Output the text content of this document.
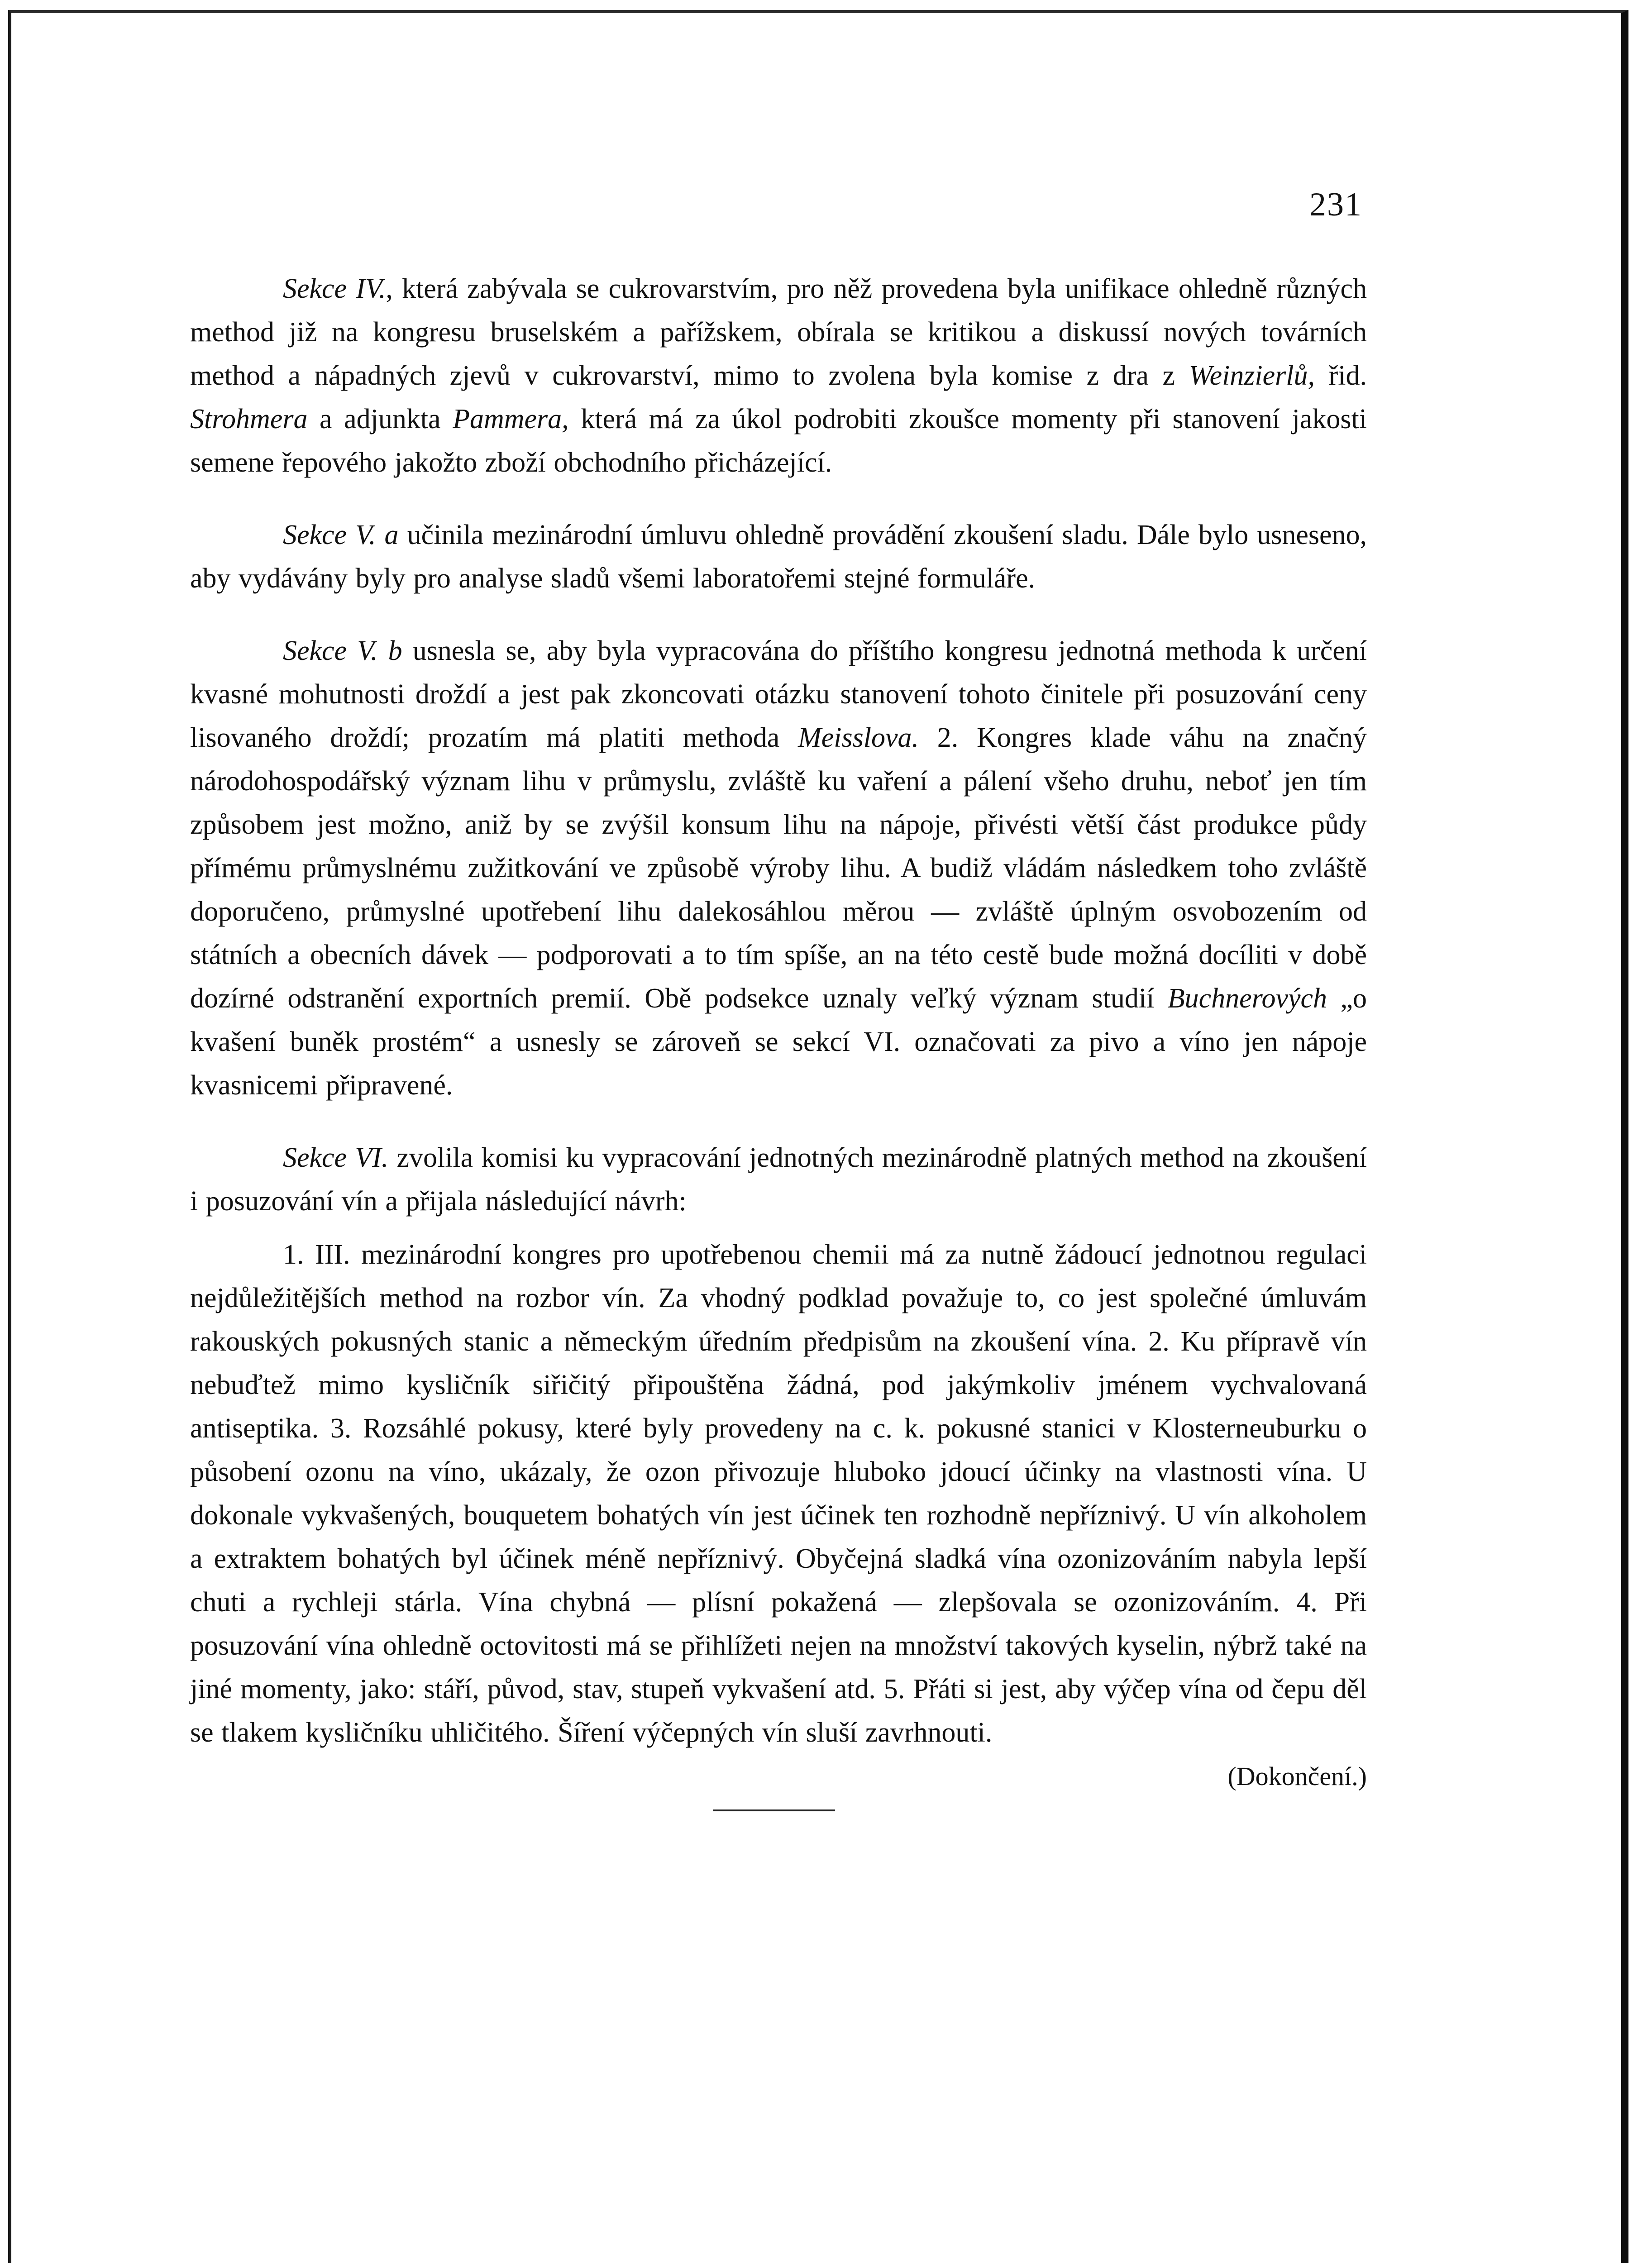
231

Sekce IV., která zabývala se cukrovarstvím, pro něž provedena byla unifikace ohledně různých method již na kongresu bruselském a pařížskem, obírala se kritikou a diskussí nových továrních method a nápadných zjevů v cukrovarství, mimo to zvolena byla komise z dra z Weinzierlů, řid. Strohmera a adjunkta Pammera, která má za úkol podrobiti zkoušce momenty při stanovení jakosti semene řepového jakožto zboží obchodního přicházející.

Sekce V. a učinila mezinárodní úmluvu ohledně provádění zkoušení sladu. Dále bylo usneseno, aby vydávány byly pro analyse sladů všemi laboratořemi stejné formuláře.

Sekce V. b usnesla se, aby byla vypracována do příštího kongresu jednotná methoda k určení kvasné mohutnosti droždí a jest pak zkoncovati otázku stanovení tohoto činitele při posuzování ceny lisovaného droždí; prozatím má platiti methoda Meisslova. 2. Kongres klade váhu na značný národohospodářský význam lihu v průmyslu, zvláště ku vaření a pálení všeho druhu, neboť jen tím způsobem jest možno, aniž by se zvýšil konsum lihu na nápoje, přivésti větší část produkce půdy přímému průmyslnému zužitkování ve způsobě výroby lihu. A budiž vládám následkem toho zvláště doporučeno, průmyslné upotřebení lihu dalekosáhlou měrou — zvláště úplným osvobozením od státních a obecních dávek — podporovati a to tím spíše, an na této cestě bude možná docíliti v době dozírné odstranění exportních premií. Obě podsekce uznaly veľký význam studií Buchnerových „o kvašení buněk prostém“ a usnesly se zároveň se sekcí VI. označovati za pivo a víno jen nápoje kvasnicemi připravené.

Sekce VI. zvolila komisi ku vypracování jednotných mezinárodně platných method na zkoušení i posuzování vín a přijala následující návrh:

1. III. mezinárodní kongres pro upotřebenou chemii má za nutně žádoucí jednotnou regulaci nejdůležitějších method na rozbor vín. Za vhodný podklad považuje to, co jest společné úmluvám rakouských pokusných stanic a německým úředním předpisům na zkoušení vína. 2. Ku přípravě vín nebuďtež mimo kysličník siřičitý připouštěna žádná, pod jakýmkoliv jménem vychvalovaná antiseptika. 3. Rozsáhlé pokusy, které byly provedeny na c. k. pokusné stanici v Klosterneuburku o působení ozonu na víno, ukázaly, že ozon přivozuje hluboko jdoucí účinky na vlastnosti vína. U dokonale vykvašených, bouquetem bohatých vín jest účinek ten rozhodně nepříznivý. U vín alkoholem a extraktem bohatých byl účinek méně nepříznivý. Obyčejná sladká vína ozonizováním nabyla lepší chuti a rychleji stárla. Vína chybná — plísní pokažená — zlepšovala se ozonizováním. 4. Při posuzování vína ohledně octovitosti má se přihlížeti nejen na množství takových kyselin, nýbrž také na jiné momenty, jako: stáří, původ, stav, stupeň vykvašení atd. 5. Přáti si jest, aby výčep vína od čepu děl se tlakem kysličníku uhličitého. Šíření výčepných vín sluší zavrhnouti.

(Dokončení.)
